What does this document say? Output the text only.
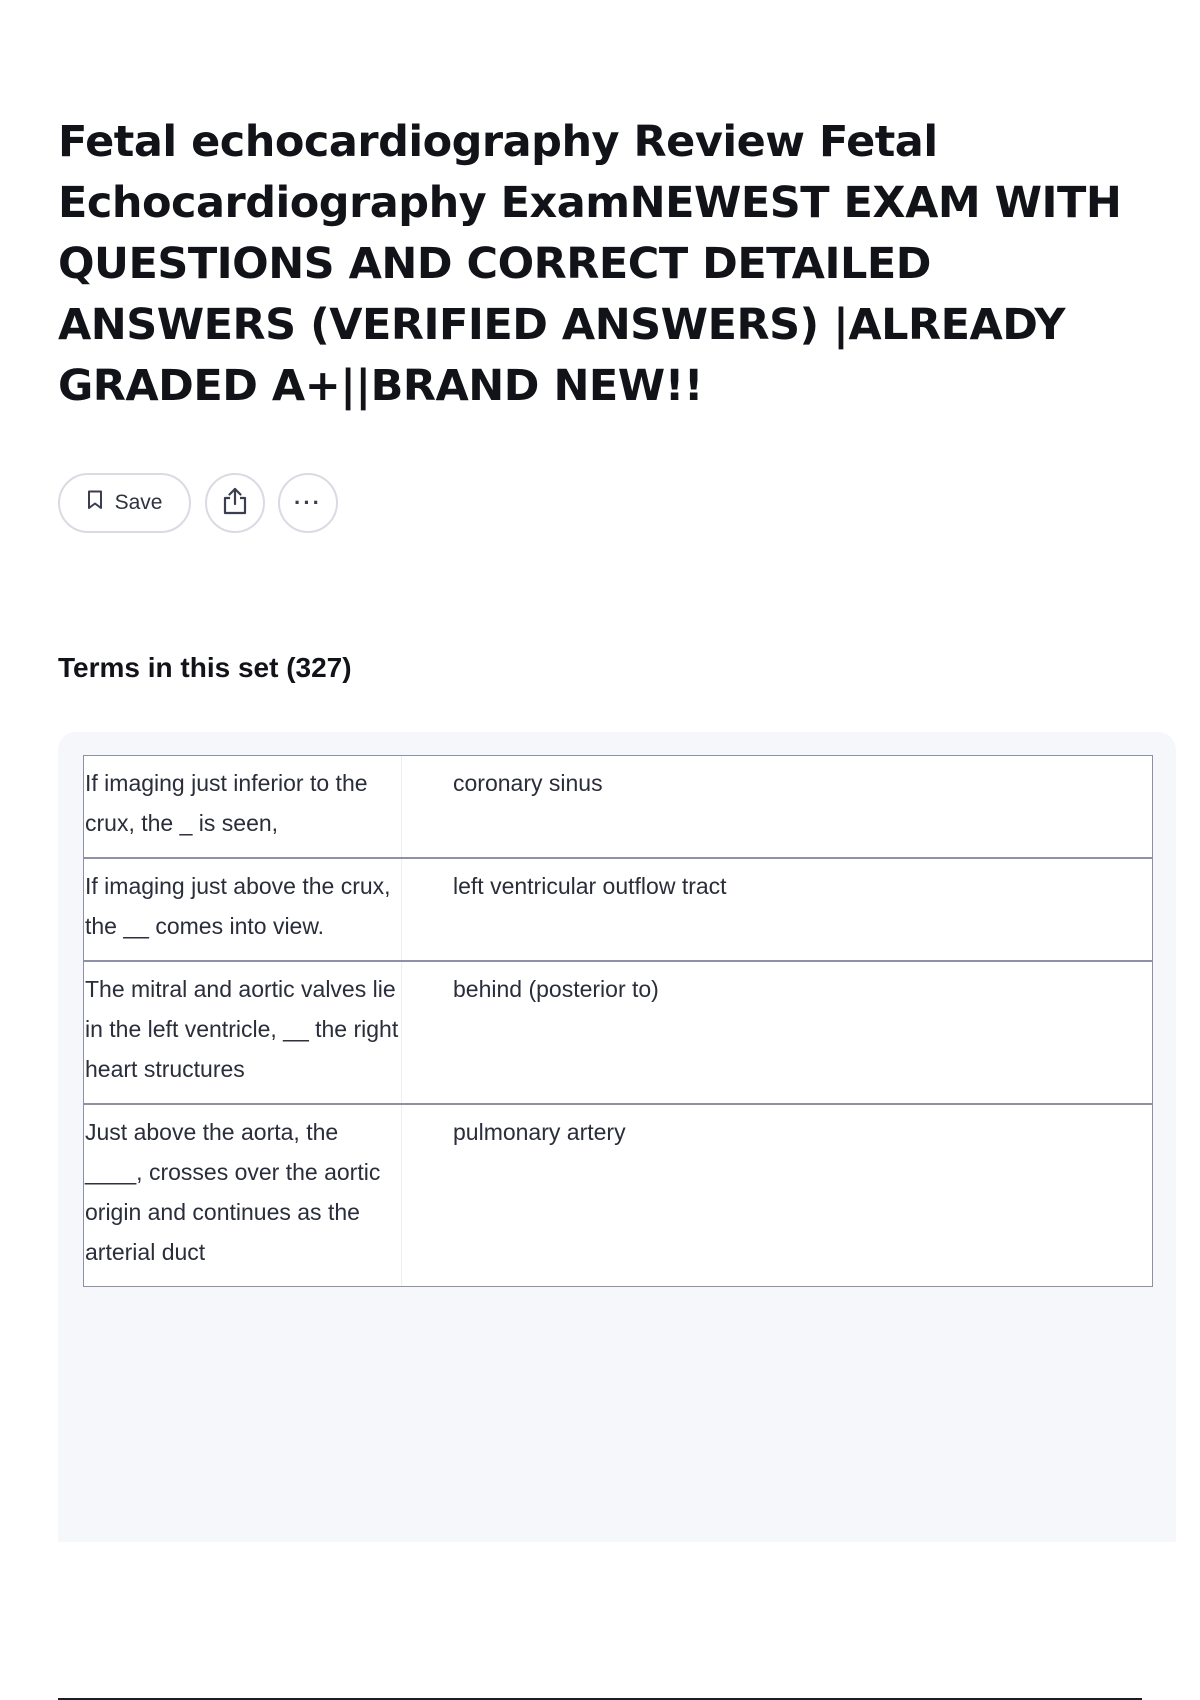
Fetal echocardiography Review Fetal Echocardiography ExamNEWEST EXAM WITH QUESTIONS AND CORRECT DETAILED ANSWERS (VERIFIED ANSWERS) |ALREADY GRADED A+||BRAND NEW!!
Save	···
Terms in this set (327)
If imaging just inferior to the crux, the _ is seen,
coronary sinus
If imaging just above the crux, the __ comes into view.
left ventricular outflow tract
The mitral and aortic valves lie in the left ventricle, __ the right heart structures
behind (posterior to)
Just above the aorta, the ____, crosses over the aortic origin and continues as the arterial duct
pulmonary artery
